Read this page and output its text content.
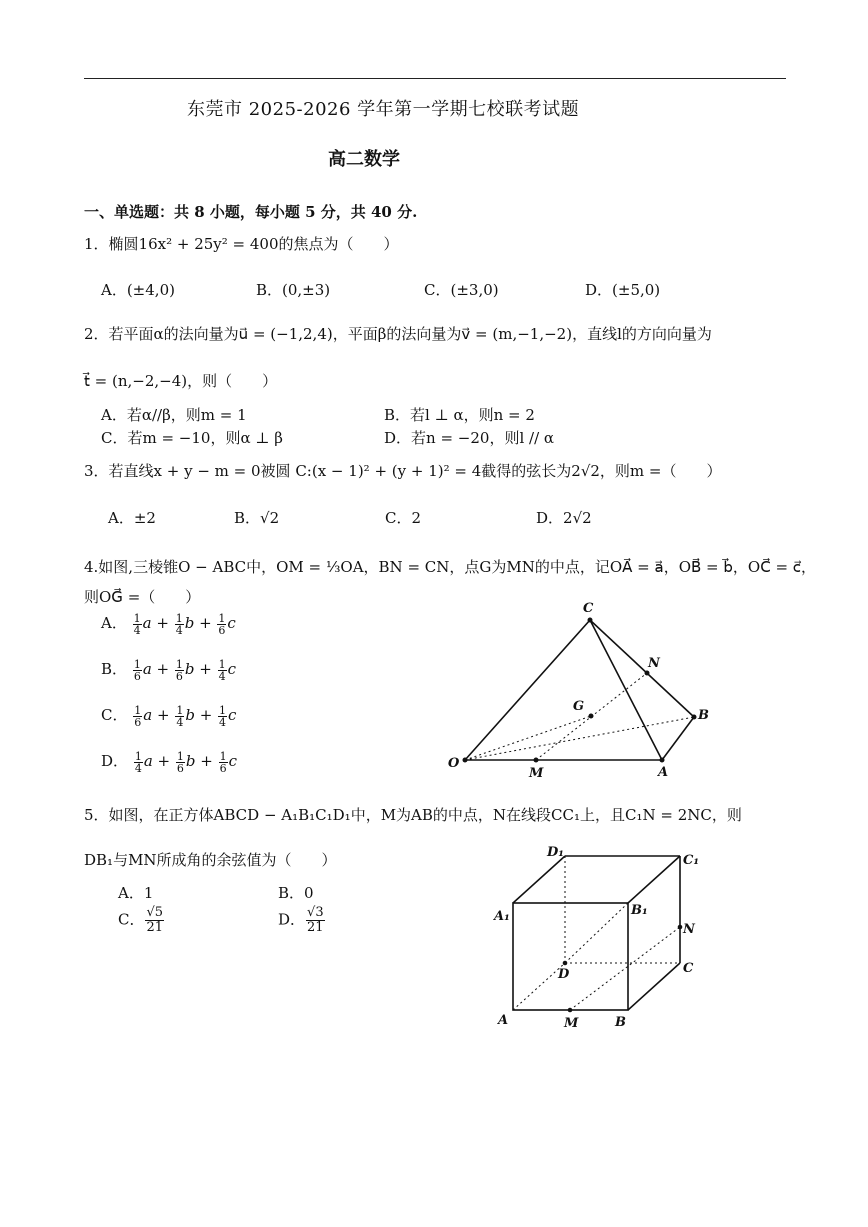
东莞市 2025-2026 学年第一学期七校联考试题
高二数学
一、单选题：共 8 小题，每小题 5 分，共 40 分.
1．椭圆16x² + 25y² = 400的焦点为（　　）
A．(±4,0)	B．(0,±3)	C．(±3,0)	D．(±5,0)
2．若平面α的法向量为u⃗ = (−1,2,4)，平面β的法向量为v⃗ = (m,−1,−2)，直线l的方向向量为
t⃗ = (n,−2,−4)，则（　　）
A．若α//β，则m = 1	B．若l ⊥ α，则n = 2
C．若m = −10，则α ⊥ β	D．若n = −20，则l // α
3．若直线x + y − m = 0被圆 C:(x − 1)² + (y + 1)² = 4截得的弦长为2√2，则m =（　　）
A．±2	B．√2	C．2	D．2√2
4.如图,三棱锥O − ABC中，OM = ⅓OA，BN = CN，点G为MN的中点，记OA⃗ = a⃗，OB⃗ = b⃗，OC⃗ = c⃗，
则OG⃗ =（　　）
A． $\frac{1}{4}$ $a + \frac{1}{4}$ $b + \frac{1}{6}$ c
B． $\frac{1}{6}$ $a + \frac{1}{6}$ $b + \frac{1}{4}$ c
C． $\frac{1}{6}$ $a + \frac{1}{4}$ $b + \frac{1}{4}$ c
D． $\frac{1}{4}$ $a + \frac{1}{6}$ $b + \frac{1}{6}$ c
C
N
G
B
O
M	A
5．如图，在正方体ABCD − A₁B₁C₁D₁中，M为AB的中点，N在线段CC₁上，且C₁N = 2NC，则
DB₁与MN所成角的余弦值为（　　）
A．1	B．0
C． $\frac{√5}{21}$	D． $\frac{√3}{21}$
D₁
C₁
A₁	B₁
N
D	C
A	M	B
